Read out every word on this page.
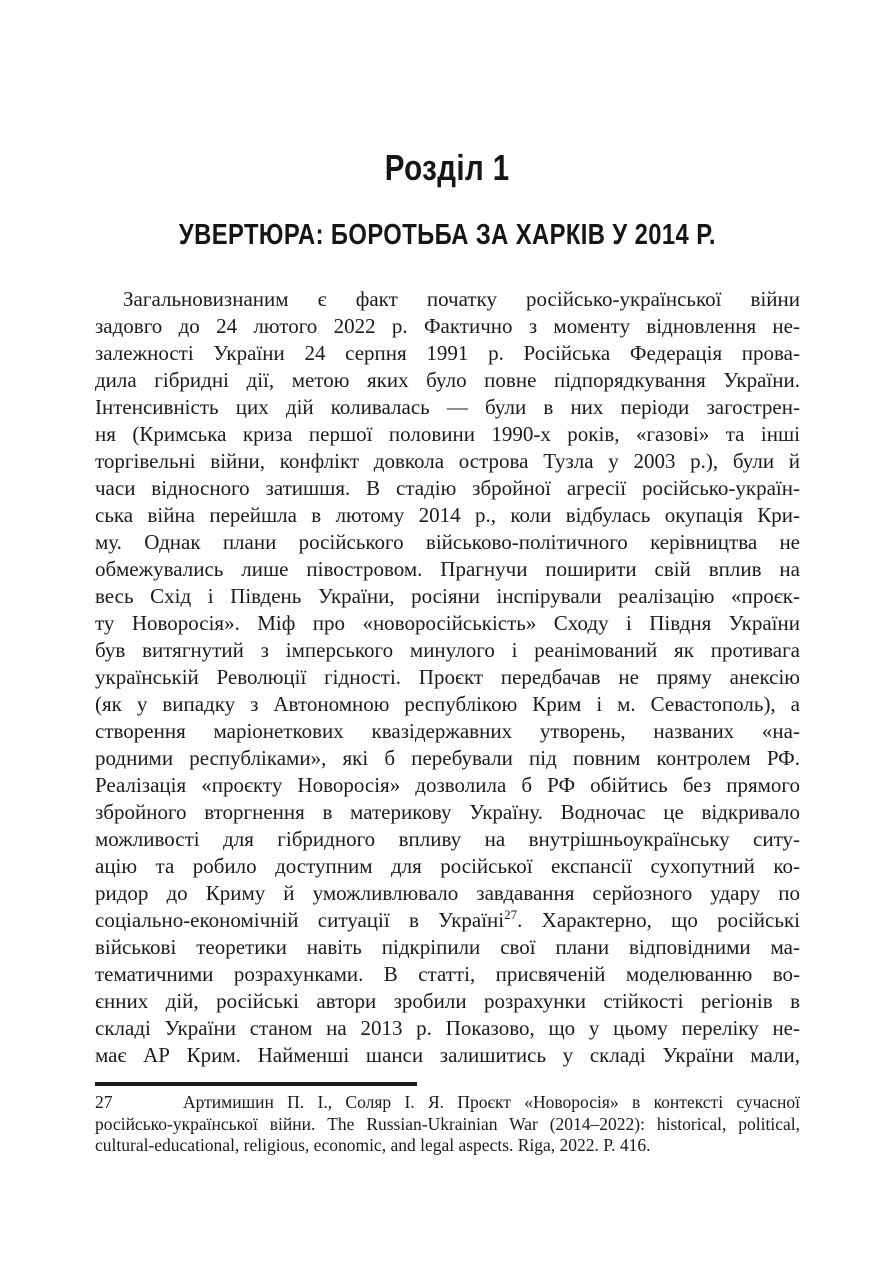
Розділ 1
УВЕРТЮРА: БОРОТЬБА ЗА ХАРКІВ У 2014 Р.
Загальновизнаним є факт початку російсько-української війни
задовго до 24 лютого 2022 р. Фактично з моменту відновлення не-
залежності України 24 серпня 1991 р. Російська Федерація прова-
дила гібридні дії, метою яких було повне підпорядкування України.
Інтенсивність цих дій коливалась — були в них періоди загострен-
ня (Кримська криза першої половини 1990-х років, «газові» та інші
торгівельні війни, конфлікт довкола острова Тузла у 2003 р.), були й
часи відносного затишшя. В стадію збройної агресії російсько-україн-
ська війна перейшла в лютому 2014 р., коли відбулась окупація Кри-
му. Однак плани російського військово-політичного керівництва не
обмежувались лише півостровом. Прагнучи поширити свій вплив на
весь Схід і Південь України, росіяни інспірували реалізацію «проєк-
ту Новоросія». Міф про «новоросійськість» Сходу і Півдня України
був витягнутий з імперського минулого і реанімований як противага
українській Революції гідності. Проєкт передбачав не пряму анексію
(як у випадку з Автономною республікою Крим і м. Севастополь), а
створення маріонеткових квазідержавних утворень, названих «на-
родними республіками», які б перебували під повним контролем РФ.
Реалізація «проєкту Новоросія» дозволила б РФ обійтись без прямого
збройного вторгнення в материкову Україну. Водночас це відкривало
можливості для гібридного впливу на внутрішньоукраїнську ситу-
ацію та робило доступним для російської експансії сухопутний ко-
ридор до Криму й уможливлювало завдавання серйозного удару по
соціально-економічній ситуації в Україні$^{27}$. Характерно, що російські
військові теоретики навіть підкріпили свої плани відповідними ма-
тематичними розрахунками. В статті, присвяченій моделюванню во-
єнних дій, російські автори зробили розрахунки стійкості регіонів в
складі України станом на 2013 р. Показово, що у цьому переліку не-
має АР Крим. Найменші шанси залишитись у складі України мали,
27	Артимишин П. І., Соляр І. Я. Проєкт «Новоросія» в контексті сучасної
російсько-української війни. The Russian-Ukrainian War (2014–2022): historical, political,
cultural-educational, religious, economic, and legal aspects. Riga, 2022. P. 416.
